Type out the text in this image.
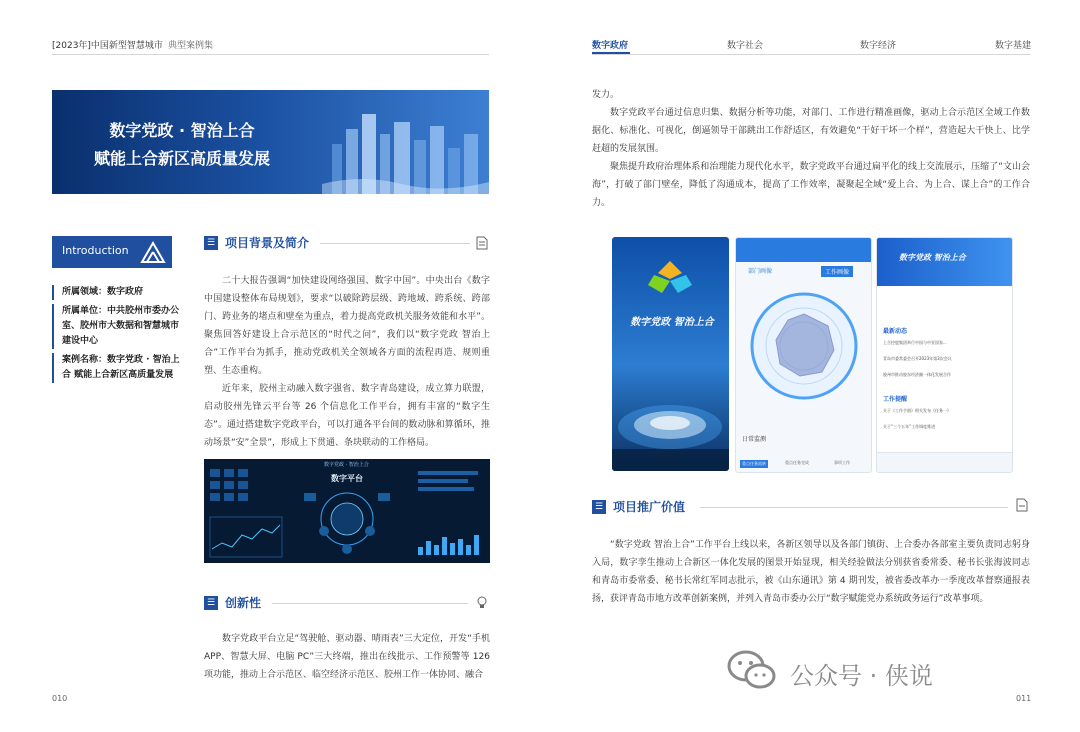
[2023年]中国新型智慧城市 典型案例集	数字政府	数字社会	数字经济	数字基建
数字党政 · 智治上合
赋能上合新区高质量发展
Introduction
所属领域：数字政府
所属单位：中共胶州市委办公室、胶州市大数据和智慧城市建设中心
案例名称：数字党政 · 智治上合 赋能上合新区高质量发展
☰ 项目背景及简介
二十大报告强调“加快建设网络强国、数字中国”。中央出台《数字中国建设整体布局规划》，要求“以破除跨层级、跨地域、跨系统、跨部门、跨业务的堵点和壁垒为重点，着力提高党政机关服务效能和水平”。聚焦回答好建设上合示范区的“时代之问”，我们以“数字党政 智治上合”工作平台为抓手，推动党政机关全领域各方面的流程再造、规则重塑、生态重构。
近年来，胶州主动融入数字强省、数字青岛建设，成立算力联盟，启动胶州先锋云平台等 26 个信息化工作平台，拥有丰富的“数字生态”。通过搭建数字党政平台，可以打通各平台间的数动脉和算循环，推动场景“安”全景”，形成上下贯通、条块联动的工作格局。
数字党政 · 智治上合
数字平台
☰ 创新性
数字党政平台立足“驾驶舱、驱动器、晴雨表”三大定位，开发“手机APP、智慧大屏、电脑 PC”三大终端，推出在线批示、工作预警等 126 项功能，推动上合示范区、临空经济示范区、胶州工作一体协同、融合
发力。
数字党政平台通过信息归集、数据分析等功能，对部门、工作进行精准画像，驱动上合示范区全域工作数据化、标准化、可视化，倒逼领导干部跳出工作舒适区，有效避免“干好干坏一个样”，营造起大干快上、比学赶超的发展氛围。
聚焦提升政府治理体系和治理能力现代化水平，数字党政平台通过扁平化的线上交流展示，压缩了“文山会海”，打破了部门壁垒，降低了沟通成本，提高了工作效率，凝聚起全域“爱上合、为上合、谋上合”的工作合力。
数字党政 智治上合
部门画像	工作画像
日常监测
重点任务流转	重点任务完成	事项工作
数字党政 智治上合
最新动态
上合控股集团举行中国与中亚国家...
青岛市委常委会召开2023年第3次会议
胶州市推动胶东经济圈一体化发展合作
工作提醒
关于《工作手册》相关发布《任务一》
关于“三个五年”工作调度推进
☰ 项目推广价值
“数字党政 智治上合”工作平台上线以来，各新区领导以及各部门镇街、上合委办各部室主要负责同志躬身入局，数字孪生推动上合新区一体化发展的图景开始显现，相关经验做法分别获省委常委、秘书长张海波同志和青岛市委常委、秘书长常红军同志批示，被《山东通讯》第 4 期刊发，被省委改革办一季度改革督察通报表扬，获评青岛市地方改革创新案例，并列入青岛市委办公厅“数字赋能党办系统政务运行”改革事项。
010	011
公众号 · 侠说
